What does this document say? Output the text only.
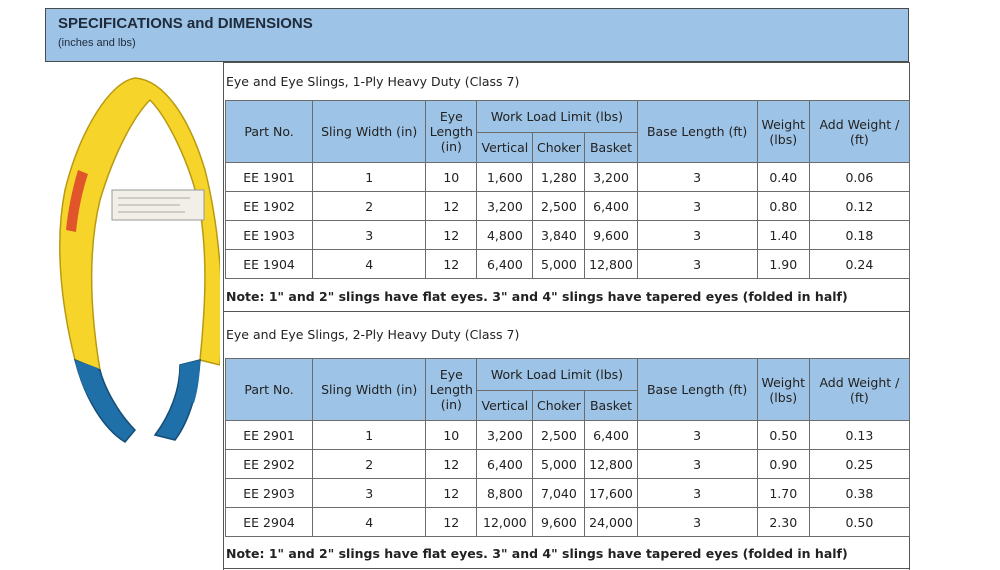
SPECIFICATIONS and DIMENSIONS
(inches and lbs)
Eye and Eye Slings, 1-Ply Heavy Duty (Class 7)
Part No.	Sling Width (in)	Eye Length (in)	Work Load Limit (lbs)			Base Length (ft)	Weight (lbs)	Add Weight / (ft)
			Vertical	Choker	Basket			
EE 1901	1	10	1,600	1,280	3,200	3	0.40	0.06
EE 1902	2	12	3,200	2,500	6,400	3	0.80	0.12
EE 1903	3	12	4,800	3,840	9,600	3	1.40	0.18
EE 1904	4	12	6,400	5,000	12,800	3	1.90	0.24
Note: 1" and 2" slings have flat eyes. 3" and 4" slings have tapered eyes (folded in half)
Eye and Eye Slings, 2-Ply Heavy Duty (Class 7)
Part No.	Sling Width (in)	Eye Length (in)	Work Load Limit (lbs)			Base Length (ft)	Weight (lbs)	Add Weight / (ft)
			Vertical	Choker	Basket			
EE 2901	1	10	3,200	2,500	6,400	3	0.50	0.13
EE 2902	2	12	6,400	5,000	12,800	3	0.90	0.25
EE 2903	3	12	8,800	7,040	17,600	3	1.70	0.38
EE 2904	4	12	12,000	9,600	24,000	3	2.30	0.50
Note: 1" and 2" slings have flat eyes. 3" and 4" slings have tapered eyes (folded in half)
